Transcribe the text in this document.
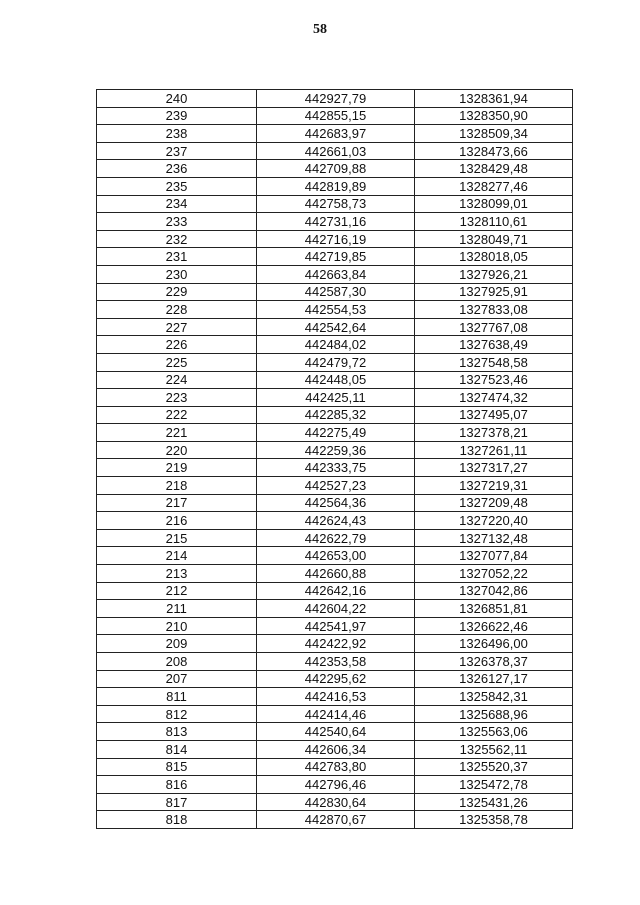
58
240	442927,79	1328361,94
239	442855,15	1328350,90
238	442683,97	1328509,34
237	442661,03	1328473,66
236	442709,88	1328429,48
235	442819,89	1328277,46
234	442758,73	1328099,01
233	442731,16	1328110,61
232	442716,19	1328049,71
231	442719,85	1328018,05
230	442663,84	1327926,21
229	442587,30	1327925,91
228	442554,53	1327833,08
227	442542,64	1327767,08
226	442484,02	1327638,49
225	442479,72	1327548,58
224	442448,05	1327523,46
223	442425,11	1327474,32
222	442285,32	1327495,07
221	442275,49	1327378,21
220	442259,36	1327261,11
219	442333,75	1327317,27
218	442527,23	1327219,31
217	442564,36	1327209,48
216	442624,43	1327220,40
215	442622,79	1327132,48
214	442653,00	1327077,84
213	442660,88	1327052,22
212	442642,16	1327042,86
211	442604,22	1326851,81
210	442541,97	1326622,46
209	442422,92	1326496,00
208	442353,58	1326378,37
207	442295,62	1326127,17
811	442416,53	1325842,31
812	442414,46	1325688,96
813	442540,64	1325563,06
814	442606,34	1325562,11
815	442783,80	1325520,37
816	442796,46	1325472,78
817	442830,64	1325431,26
818	442870,67	1325358,78
